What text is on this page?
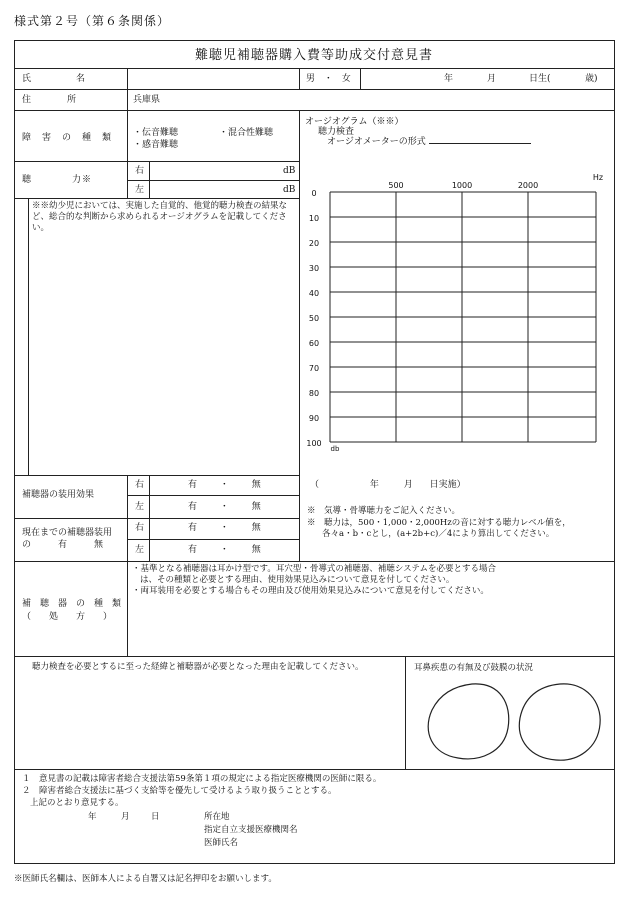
様式第２号（第６条関係）
難聴児補聴器購入費等助成交付意見書
氏　　　　　名	男 ・ 女	年	月	日生(	歳)
住　　　　所	兵庫県
障　害　の　種　類 ・伝音難聴	・混合性難聴
・感音難聴
聴　　　　力※
右	dB
左	dB
※※幼少児においては、実施した自覚的、他覚的聴力検査の結果など、総合的な判断から求められるオージオグラムを記載してください。
オージオグラム（※※）
聴力検査
オージオメーターの形式
0
10
20
30
40
50
60
70
80
90
100
500	1000	2000
Hz
db
（	年	月 日実施）
※　気導・骨導聴力をご記入ください。
※　聴力は，500・1,000・2,000Hzの音に対する聴力レベル値を，
各々a・b・cとし，(a+2b+c)／4により算出してください。
補聴器の装用効果
右	有	・	無
左	有	・	無
現在までの補聴器装用
の　　　有　　　無
右	有	・	無
左	有	・	無
補　聴　器　の　種　類
（　　処　　方　　）
・基準となる補聴器は耳かけ型です。耳穴型・骨導式の補聴器、補聴システムを必要とする場合
は、その種類と必要とする理由、使用効果見込みについて意見を付してください。
・両耳装用を必要とする場合もその理由及び使用効果見込みについて意見を付してください。
聴力検査を必要とするに至った経緯と補聴器が必要となった理由を記載してください。	耳鼻疾患の有無及び鼓膜の状況
１　意見書の記載は障害者総合支援法第59条第１項の規定による指定医療機関の医師に限る。
２　障害者総合支援法に基づく支給等を優先して受けるよう取り扱うこととする。
上記のとおり意見する。
年	月	日	所在地
指定自立支援医療機関名
医師氏名
※医師氏名欄は、医師本人による自署又は記名押印をお願いします。
